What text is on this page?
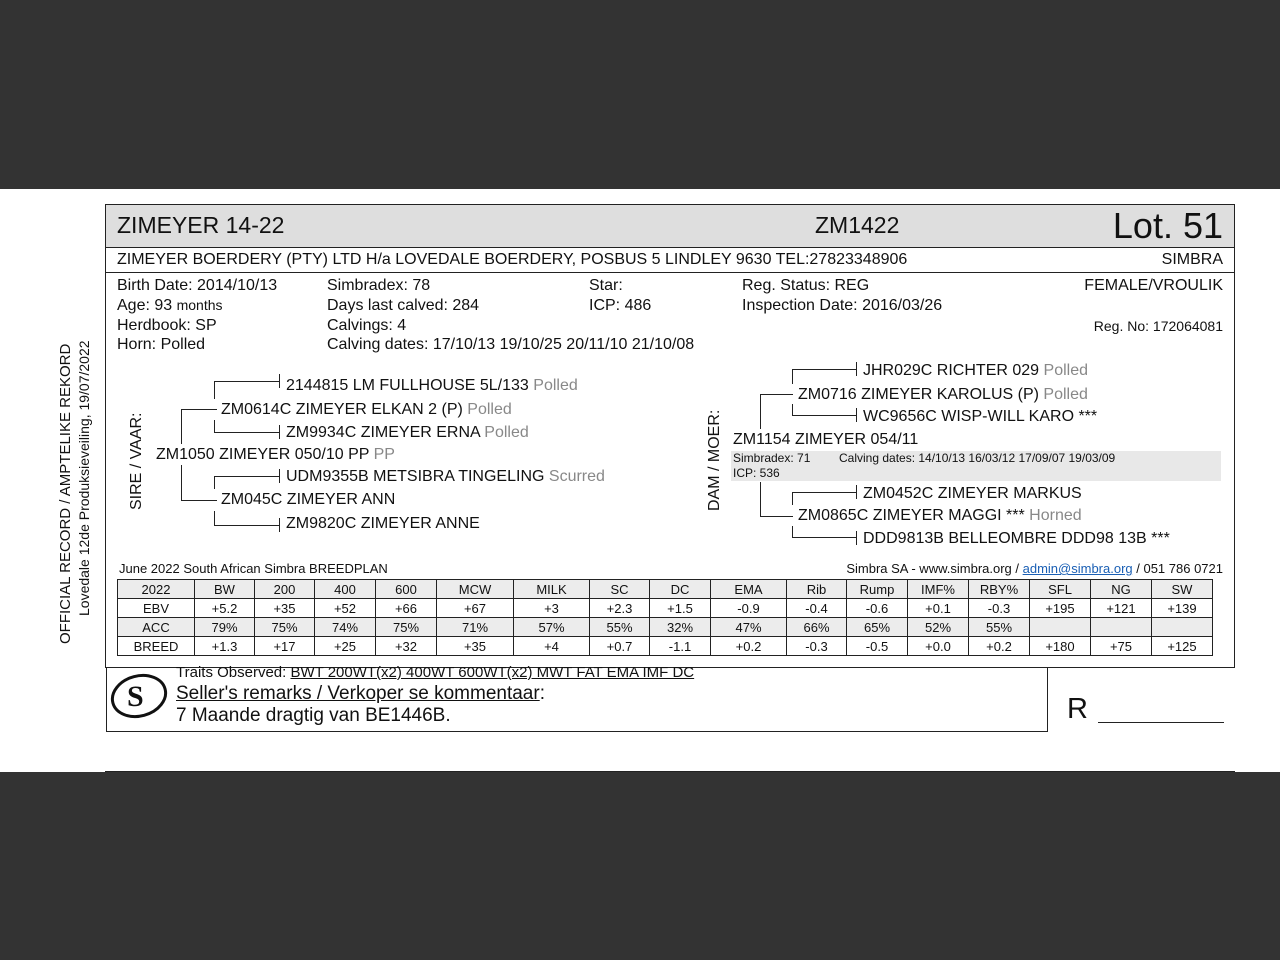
OFFICIAL RECORD / AMPTELIKE REKORD Lovedale 12de Produksieveiling, 19/07/2022
ZIMEYER 14-22	ZM1422	Lot. 51
ZIMEYER BOERDERY (PTY) LTD H/a LOVEDALE BOERDERY, POSBUS 5 LINDLEY 9630 TEL:27823348906	SIMBRA
Birth Date: 2014/10/13
Age: 93 months
Herdbook: SP
Horn: Polled
Simbradex: 78
Days last calved: 284
Calvings: 4
Calving dates: 17/10/13 19/10/25 20/11/10 21/10/08
Star:
ICP: 486
Reg. Status: REG
Inspection Date: 2016/03/26
FEMALE/VROULIK
Reg. No: 172064081
SIRE / VAAR: ZM1050 ZIMEYER 050/10 PP PP
ZM0614C ZIMEYER ELKAN 2 (P) Polled
2144815 LM FULLHOUSE 5L/133 Polled
ZM9934C ZIMEYER ERNA Polled
ZM045C ZIMEYER ANN
UDM9355B METSIBRA TINGELING Scurred
ZM9820C ZIMEYER ANNE
DAM / MOER: ZM1154 ZIMEYER 054/11
Simbradex: 71 Calving dates: 14/10/13 16/03/12 17/09/07 19/03/09
ICP: 536
ZM0716 ZIMEYER KAROLUS (P) Polled
JHR029C RICHTER 029 Polled
WC9656C WISP-WILL KARO ***
ZM0865C ZIMEYER MAGGI *** Horned
ZM0452C ZIMEYER MARKUS
DDD9813B BELLEOMBRE DDD98 13B ***
June 2022 South African Simbra BREEDPLAN	Simbra SA - www.simbra.org / admin@simbra.org / 051 786 0721
2022	BW	200	400	600	MCW	MILK	SC	DC	EMA	Rib	Rump	IMF%	RBY%	SFL	NG	SW
EBV	+5.2	+35	+52	+66	+67	+3	+2.3	+1.5	-0.9	-0.4	-0.6	+0.1	-0.3	+195	+121	+139
ACC	79%	75%	74%	75%	71%	57%	55%	32%	47%	66%	65%	52%	55%			
BREED	+1.3	+17	+25	+32	+35	+4	+0.7	-1.1	+0.2	-0.3	-0.5	+0.0	+0.2	+180	+75	+125
S
Traits Observed: BWT 200WT(x2) 400WT 600WT(x2) MWT FAT EMA IMF DC
Seller's remarks / Verkoper se kommentaar:
7 Maande dragtig van BE1446B.	R
